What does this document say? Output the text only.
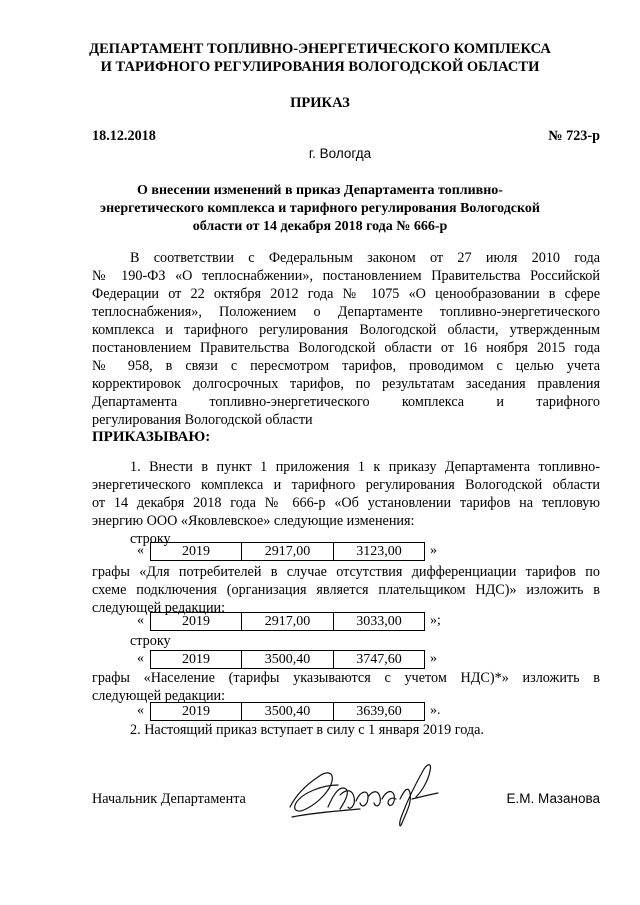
ДЕПАРТАМЕНТ ТОПЛИВНО-ЭНЕРГЕТИЧЕСКОГО КОМПЛЕКСА
И ТАРИФНОГО РЕГУЛИРОВАНИЯ ВОЛОГОДСКОЙ ОБЛАСТИ
ПРИКАЗ
18.12.2018	№ 723-р
г. Вологда
О внесении изменений в приказ Департамента топливно-
энергетического комплекса и тарифного регулирования Вологодской
области от 14 декабря 2018 года № 666-р
В соответствии с Федеральным законом от 27 июля 2010 года
№ 190-ФЗ «О теплоснабжении», постановлением Правительства Российской
Федерации от 22 октября 2012 года № 1075 «О ценообразовании в сфере
теплоснабжения», Положением о Департаменте топливно-энергетического
комплекса и тарифного регулирования Вологодской области, утвержденным
постановлением Правительства Вологодской области от 16 ноября 2015 года
№ 958, в связи с пересмотром тарифов, проводимом с целью учета
корректировок долгосрочных тарифов, по результатам заседания правления
Департамента топливно-энергетического комплекса и тарифного
регулирования Вологодской области
ПРИКАЗЫВАЮ:
1. Внести в пункт 1 приложения 1 к приказу Департамента топливно-
энергетического комплекса и тарифного регулирования Вологодской области
от 14 декабря 2018 года № 666-р «Об установлении тарифов на тепловую
энергию ООО «Яковлевское» следующие изменения:
строку
«	2019	2917,00	3123,00 »
графы «Для потребителей в случае отсутствия дифференциации тарифов по
схеме подключения (организация является плательщиком НДС)» изложить в
следующей редакции:
«	2019	2917,00	3033,00 »;
строку
«	2019	3500,40	3747,60 »
графы «Население (тарифы указываются с учетом НДС)*» изложить в
следующей редакции:
«	2019	3500,40	3639,60 ».
2. Настоящий приказ вступает в силу с 1 января 2019 года.
Начальник Департамента	Е.М. Мазанова
